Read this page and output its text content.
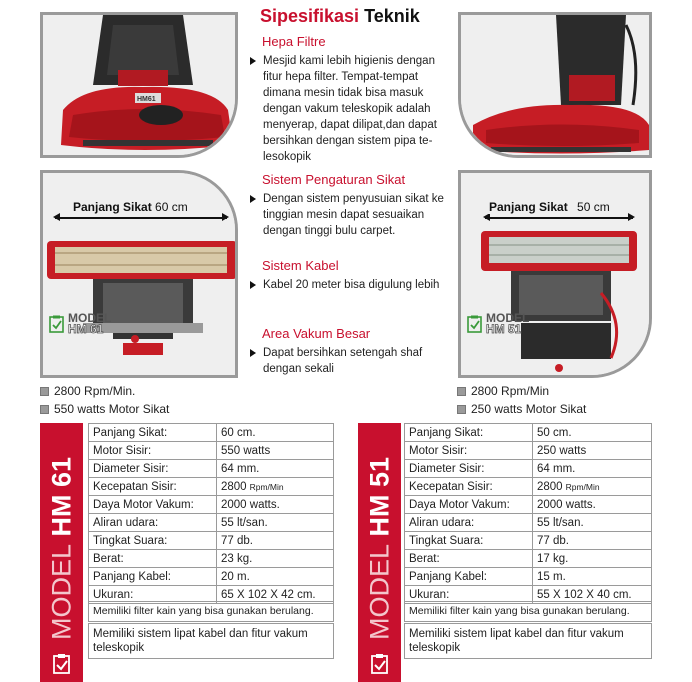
HM61
Panjang Sikat 60 cm
MODEL
HM 61
Panjang Sikat 50 cm
MODEL
HM 51
Sipesifikasi Teknik
Hepa Filtre
Mesjid kami lebih higienis dengan fitur hepa filter. Tempat-tempat dimana mesin tidak bisa masuk dengan vakum teleskopik adalah menyerap, dapat dilipat,dan dapat bersihkan dengan sistem pipa te-lesokopik
Sistem Pengaturan Sikat
Dengan sistem penyusuian sikat ke tinggian mesin dapat sesuaikan dengan tinggi bulu carpet.
Sistem Kabel
Kabel 20 meter bisa digulung lebih
Area Vakum Besar
Dapat bersihkan setengah shaf dengan sekali
2800 Rpm/Min.
550 watts Motor Sikat
2800 Rpm/Min
250 watts Motor Sikat
MODEL HM 61
MODEL HM 51
Panjang Sikat:	60 cm.
Motor Sisir:	550 watts
Diameter Sisir:	64 mm.
Kecepatan Sisir:	2800 Rpm/Min
Daya Motor Vakum:	2000 watts.
Aliran udara:	55 lt/san.
Tingkat Suara:	77 db.
Berat:	23 kg.
Panjang Kabel:	20 m.
Ukuran:	65 X 102 X 42 cm.
Memiliki filter kain yang bisa gunakan berulang.
Memiliki sistem lipat kabel dan fitur vakum teleskopik
Panjang Sikat:	50 cm.
Motor Sisir:	250 watts
Diameter Sisir:	64 mm.
Kecepatan Sisir:	2800 Rpm/Min
Daya Motor Vakum:	2000 watts.
Aliran udara:	55 lt/san.
Tingkat Suara:	77 db.
Berat:	17 kg.
Panjang Kabel:	15 m.
Ukuran:	55 X 102 X 40 cm.
Memiliki filter kain yang bisa gunakan berulang.
Memiliki sistem lipat kabel dan fitur vakum teleskopik
